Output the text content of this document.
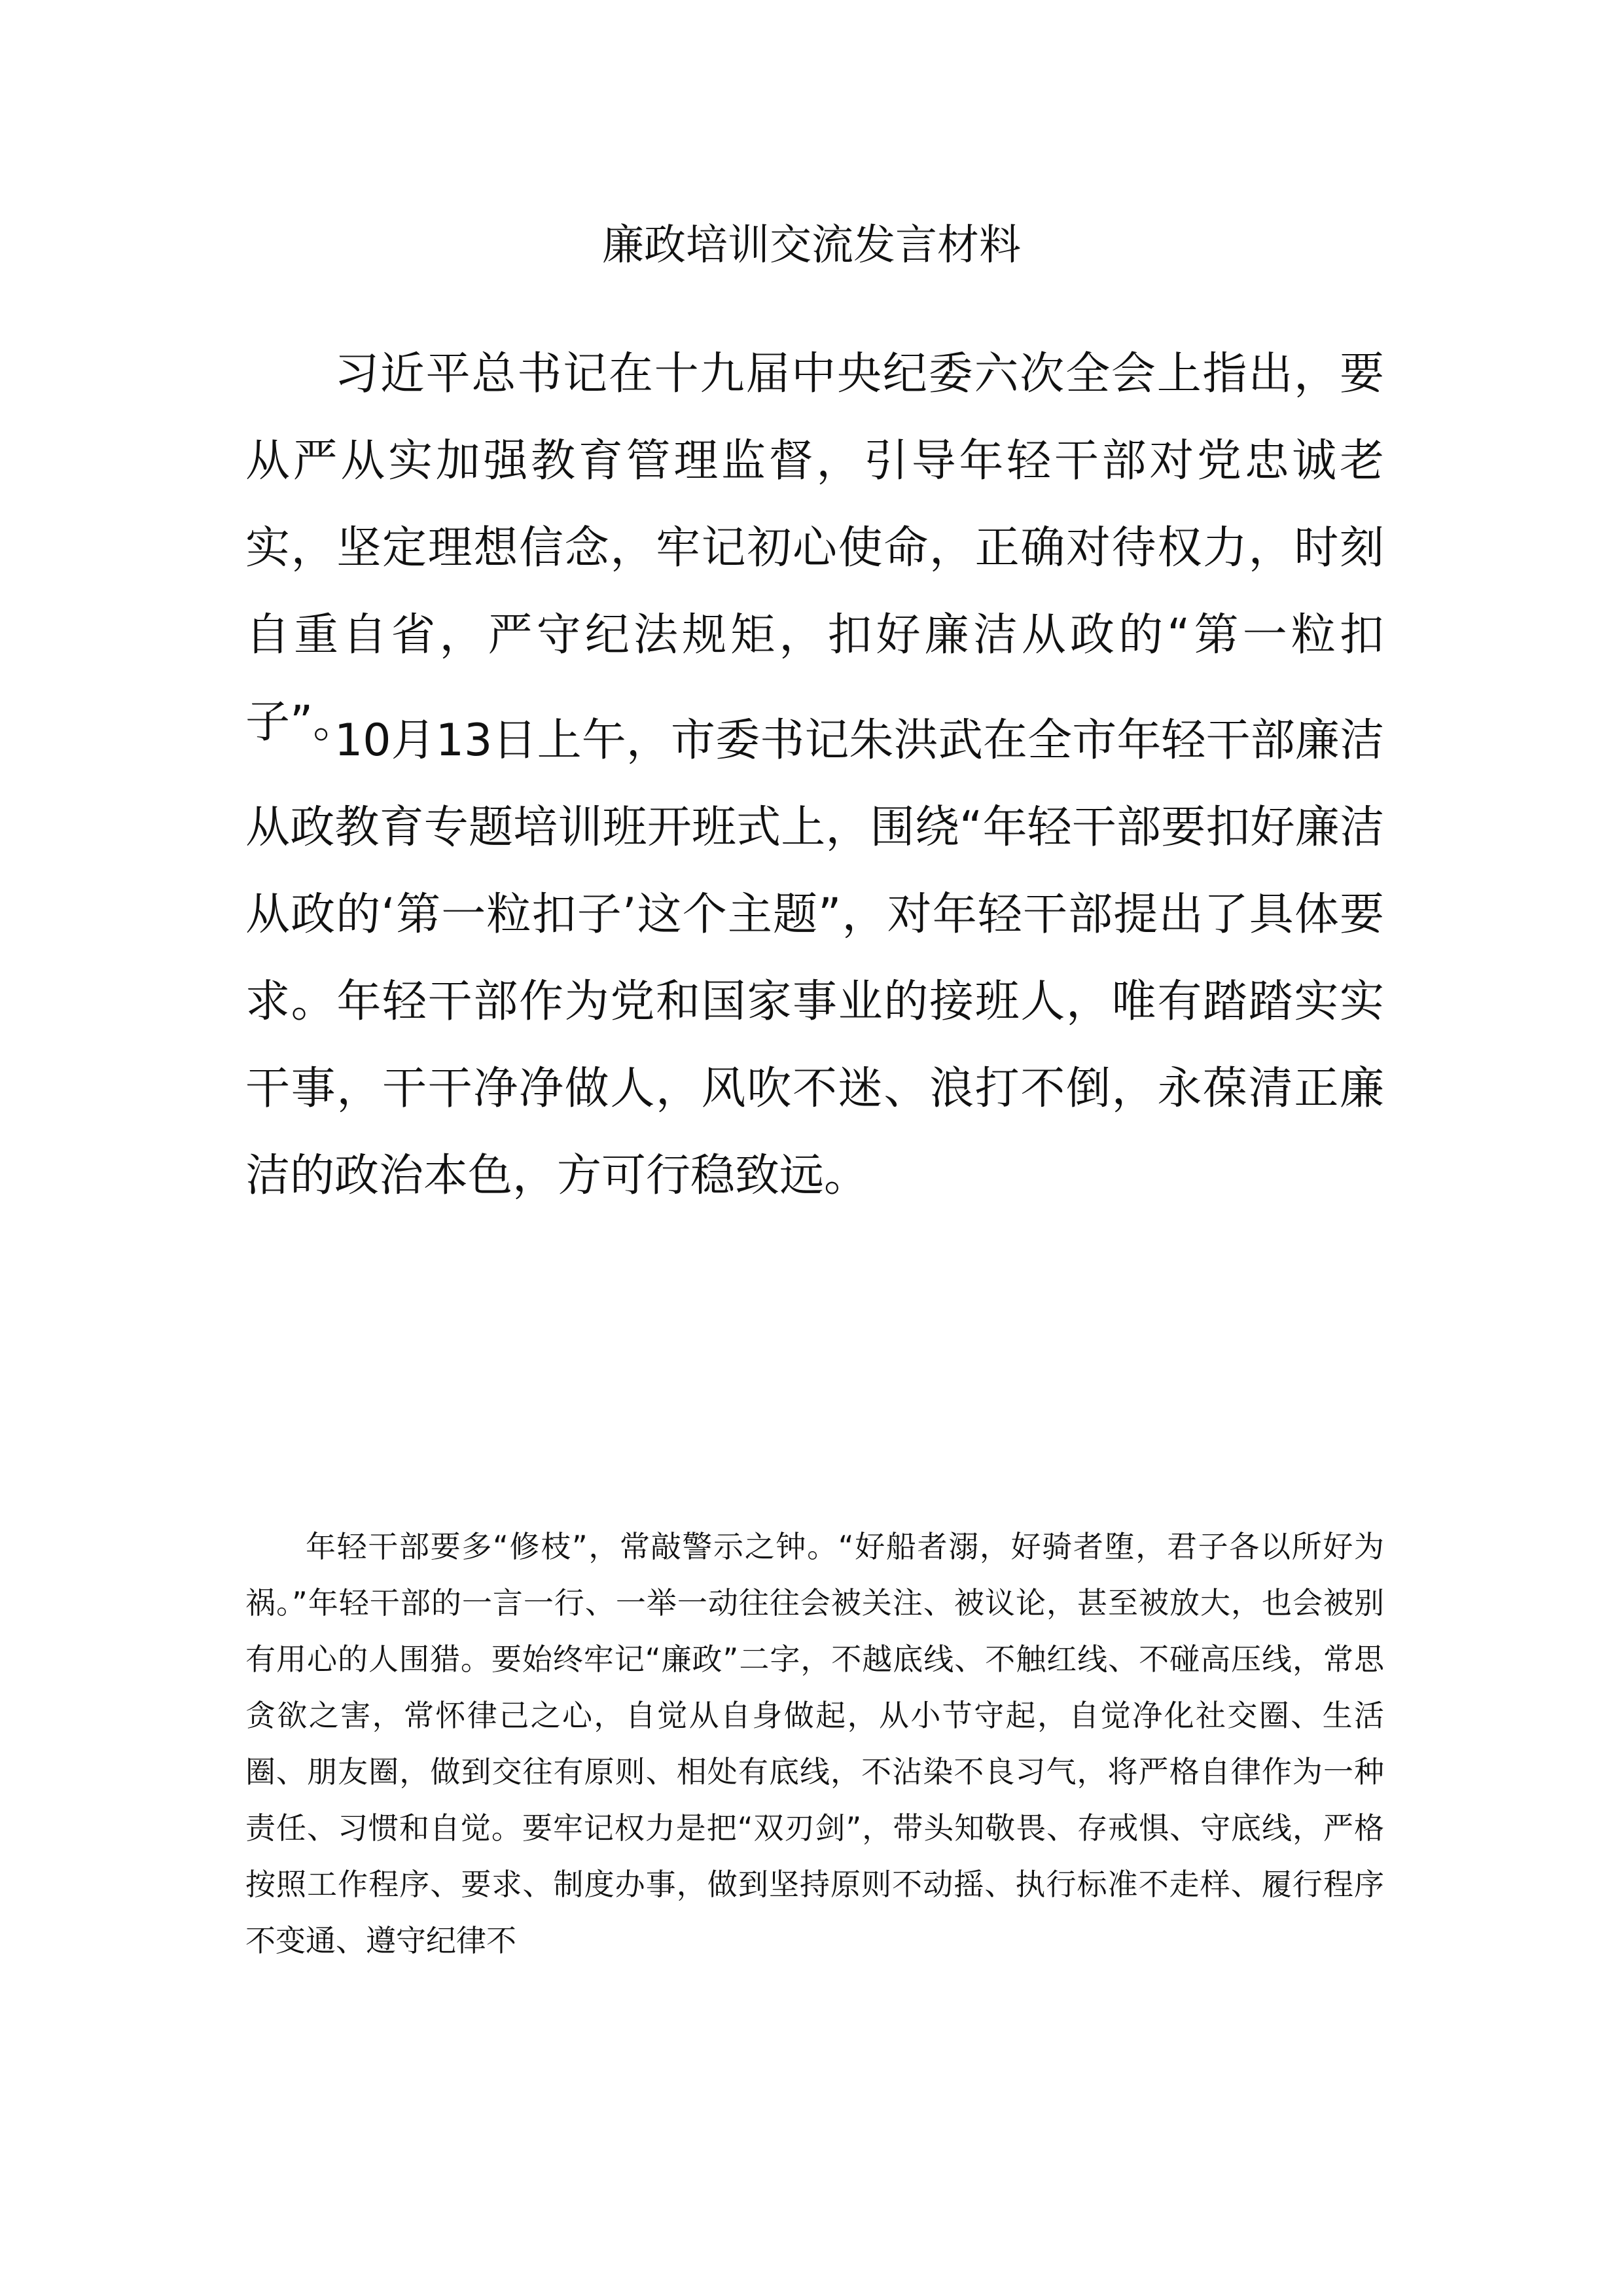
廉政培训交流发言材料

习近平总书记在十九届中央纪委六次全会上指出，要从严从实加强教育管理监督，引导年轻干部对党忠诚老实，坚定理想信念，牢记初心使命，正确对待权力，时刻自重自省，严守纪法规矩，扣好廉洁从政的“第一粒扣子”。

10月13日上午，市委书记朱洪武在全市年轻干部廉洁从政教育专题培训班开班式上，围绕“年轻干部要扣好廉洁从政的‘第一粒扣子’这个主题”，对年轻干部提出了具体要求。年轻干部作为党和国家事业的接班人，唯有踏踏实实干事，干干净净做人，风吹不迷、浪打不倒，永葆清正廉洁的政治本色，方可行稳致远。

年轻干部要多“修枝”，常敲警示之钟。“好船者溺，好骑者堕，君子各以所好为祸。”年轻干部的一言一行、一举一动往往会被关注、被议论，甚至被放大，也会被别有用心的人围猎。要始终牢记“廉政”二字，不越底线、不触红线、不碰高压线，常思贪欲之害，常怀律己之心，自觉从自身做起，从小节守起，自觉净化社交圈、生活圈、朋友圈，做到交往有原则、相处有底线，不沾染不良习气，将严格自律作为一种责任、习惯和自觉。要牢记权力是把“双刃剑”，带头知敬畏、存戒惧、守底线，严格按照工作程序、要求、制度办事，做到坚持原则不动摇、执行标准不走样、履行程序不变通、遵守纪律不
